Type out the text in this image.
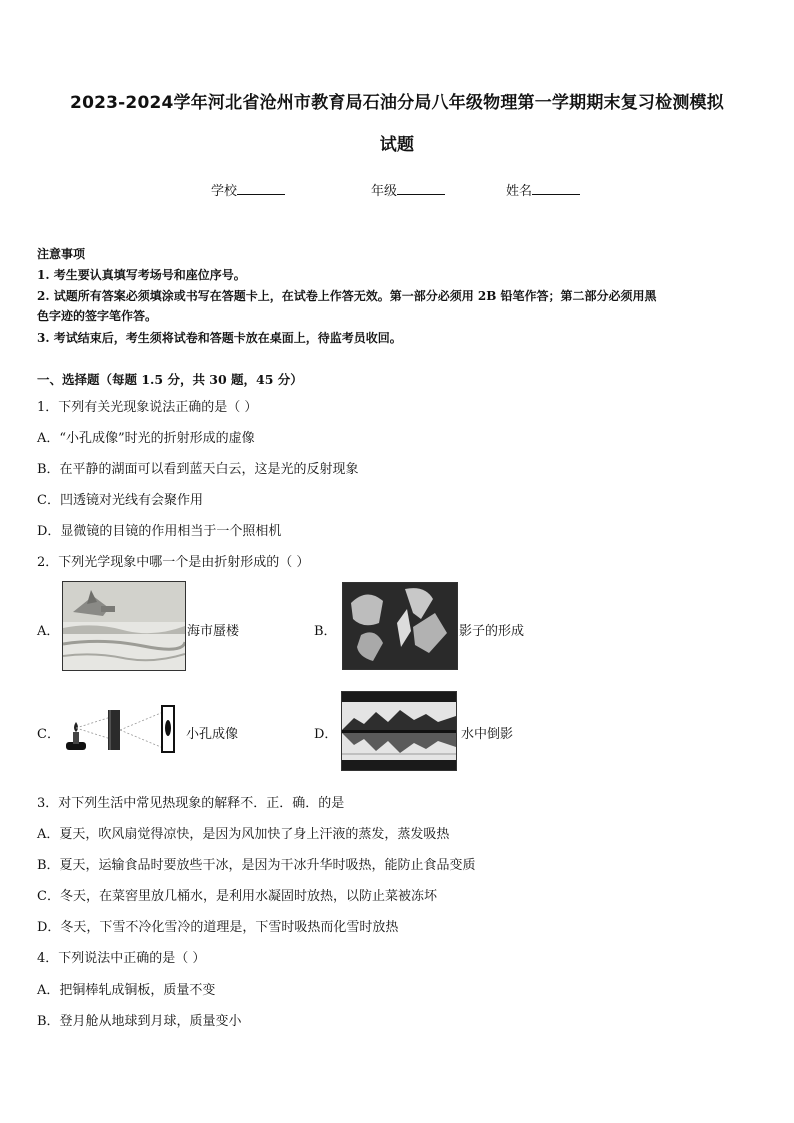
2023-2024学年河北省沧州市教育局石油分局八年级物理第一学期期末复习检测模拟
试题
学校	年级	姓名
注意事项
1. 考生要认真填写考场号和座位序号。
2. 试题所有答案必须填涂或书写在答题卡上，在试卷上作答无效。第一部分必须用 2B 铅笔作答；第二部分必须用黑
色字迹的签字笔作答。
3. 考试结束后，考生须将试卷和答题卡放在桌面上，待监考员收回。
一、选择题（每题 1.5 分，共 30 题，45 分）
1．下列有关光现象说法正确的是（ ）
A．“小孔成像”时光的折射形成的虚像
B．在平静的湖面可以看到蓝天白云，这是光的反射现象
C．凹透镜对光线有会聚作用
D．显微镜的目镜的作用相当于一个照相机
2．下列光学现象中哪一个是由折射形成的（ ）
A．	海市蜃楼	B．	影子的形成
C．	小孔成像	D．	水中倒影
3．对下列生活中常见热现象的解释不．正．确．的是
A．夏天，吹风扇觉得凉快，是因为风加快了身上汗液的蒸发，蒸发吸热
B．夏天，运输食品时要放些干冰，是因为干冰升华时吸热，能防止食品变质
C．冬天，在菜窖里放几桶水，是利用水凝固时放热，以防止菜被冻坏
D．冬天，下雪不冷化雪冷的道理是，下雪时吸热而化雪时放热
4．下列说法中正确的是（ ）
A．把铜棒轧成铜板，质量不变
B．登月舱从地球到月球，质量变小
